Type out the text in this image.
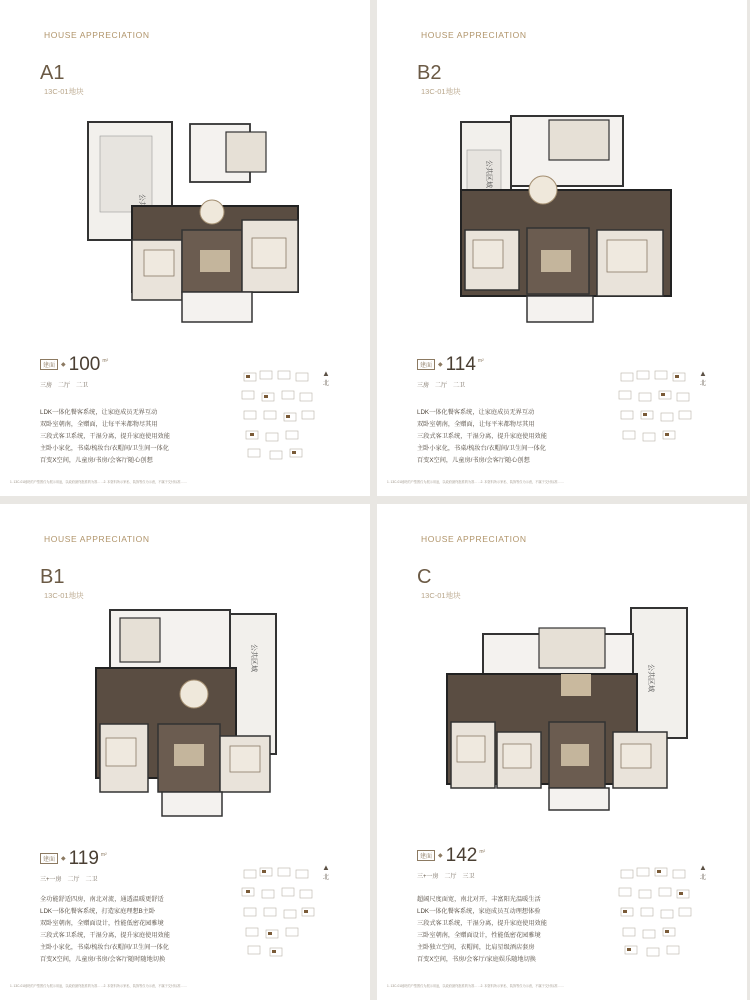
HOUSE APPRECIATION
A1
13C-01地块
建面	◆ 100 m²
三房　二厅　二卫
LDK一体化餐客系统，让家庭成员无界互动
双卧室朝南，全赠面，让每平米都物尽其用
三段式客卫系统，干湿分离，提升家庭使用效能
主卧小家化，书桌/梳妆台/衣帽间/卫生间一体化
百变X空间，儿童房/书房/会客厅随心创想
▲
北
1. 13C-01地块的户型图仅为展示用途，以政府最终批准的为准……2. 本资料所示家私、装饰等仅为示意，不属于交付标准……
HOUSE APPRECIATION
B2
13C-01地块
公共区域
建面	◆ 114 m²
三房　二厅　二卫
LDK一体化餐客系统，让家庭成员无界互动
双卧室朝南，全赠面，让每平米都物尽其用
三段式客卫系统，干湿分离，提升家庭使用效能
主卧小家化，书桌/梳妆台/衣帽间/卫生间一体化
百变X空间，儿童房/书房/会客厅随心创想
▲
北
1. 13C-01地块的户型图仅为展示用途，以政府最终批准的为准……2. 本资料所示家私、装饰等仅为示意，不属于交付标准……
HOUSE APPRECIATION
B1
13C-01地块
公共区域
建面	◆ 119 m²
三+一房　二厅　二卫
全功能舒适四房，南北对流，通透温暖更舒适
LDK一体化餐客系统，打造家庭理想B主卧
双卧室朝南，全赠面设计，性能低密花园雅境
三段式客卫系统，干湿分离，提升家庭使用效能
主卧小家化，书桌/梳妆台/衣帽间/卫生间一体化
百变X空间，儿童房/书房/会客厅随时随地切换
▲
北
1. 13C-01地块的户型图仅为展示用途，以政府最终批准的为准……2. 本资料所示家私、装饰等仅为示意，不属于交付标准……
HOUSE APPRECIATION
C
13C-01地块
公共区域
建面	◆ 142 m²
三+一房　二厅　三卫
超阔尺度面宽，南北对开，丰富阳光温暖生活
LDK一体化餐客系统，家庭成员互动理想体验
三段式客卫系统，干湿分离，提升家庭使用效能
三卧室朝南，全赠面设计，性能低密花园雅境
主卧独立空间，衣帽间，比肩星级酒店套房
百变X空间，书房/会客厅/家庭娱乐随地切换
▲
北
1. 13C-01地块的户型图仅为展示用途，以政府最终批准的为准……2. 本资料所示家私、装饰等仅为示意，不属于交付标准……
